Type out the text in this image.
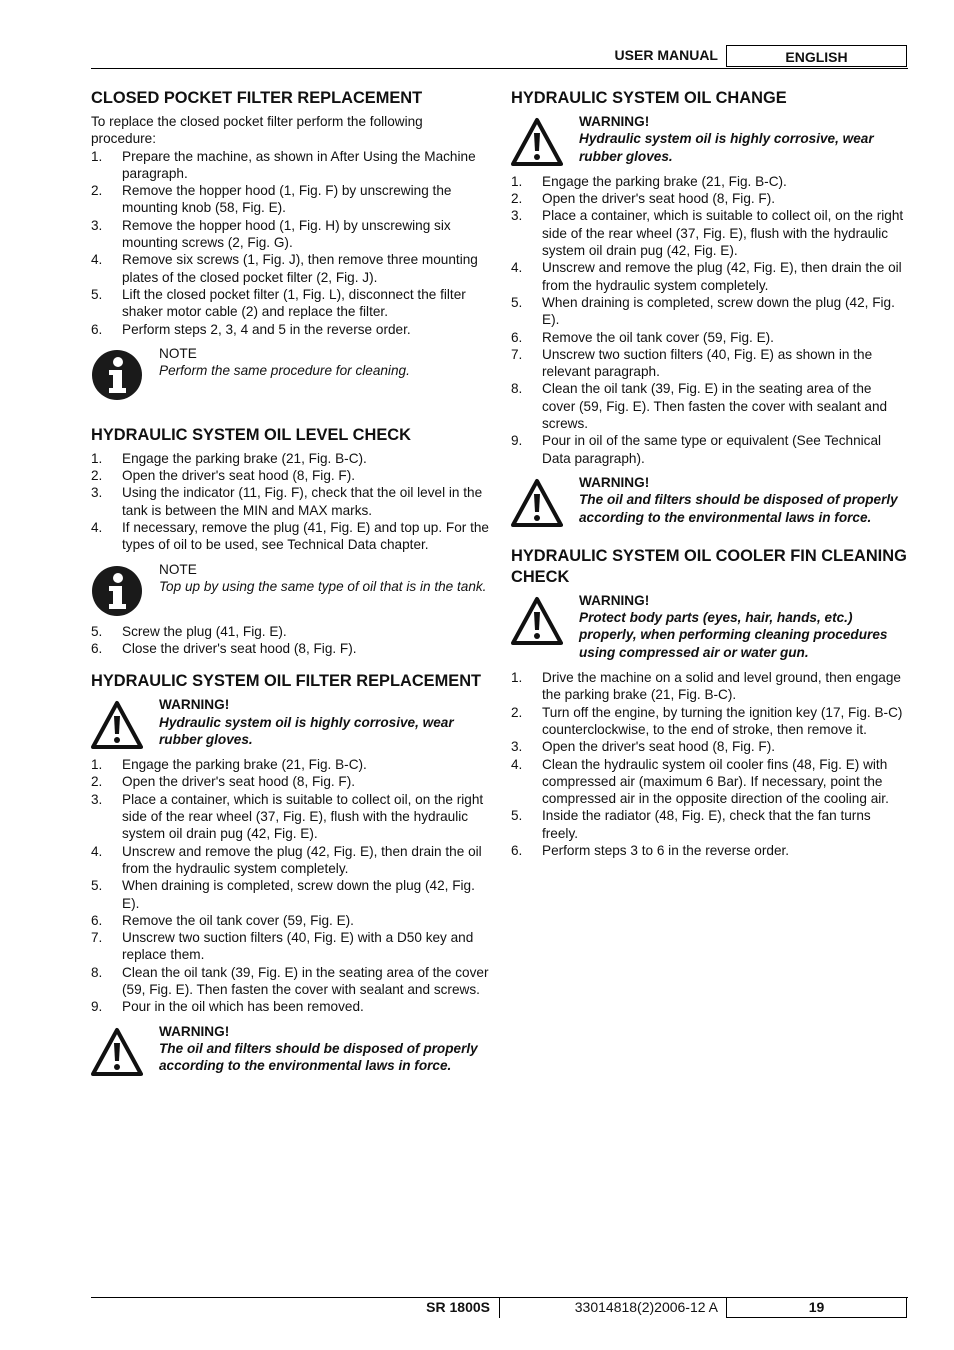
USER MANUAL	ENGLISH
CLOSED POCKET FILTER REPLACEMENT

To replace the closed pocket filter perform the following procedure:

1. Prepare the machine, as shown in After Using the Machine paragraph.
2. Remove the hopper hood (1, Fig. F) by unscrewing the mounting knob (58, Fig. E).
3. Remove the hopper hood (1, Fig. H) by unscrewing six mounting screws (2, Fig. G).
4. Remove six screws (1, Fig. J), then remove three mounting plates of the closed pocket filter (2, Fig. J).
5. Lift the closed pocket filter (1, Fig. L), disconnect the filter shaker motor cable (2) and replace the filter.
6. Perform steps 2, 3, 4 and 5 in the reverse order.
NOTE
Perform the same procedure for cleaning.
HYDRAULIC SYSTEM OIL LEVEL CHECK
1. Engage the parking brake (21, Fig. B-C).
2. Open the driver's seat hood (8, Fig. F).
3. Using the indicator (11, Fig. F), check that the oil level in the tank is between the MIN and MAX marks.
4. If necessary, remove the plug (41, Fig. E) and top up. For the types of oil to be used, see Technical Data chapter.
NOTE
Top up by using the same type of oil that is in the tank.
5. Screw the plug (41, Fig. E).
6. Close the driver's seat hood (8, Fig. F).
HYDRAULIC SYSTEM OIL FILTER REPLACEMENT
WARNING!
Hydraulic system oil is highly corrosive, wear rubber gloves.
1. Engage the parking brake (21, Fig. B-C).
2. Open the driver's seat hood (8, Fig. F).
3. Place a container, which is suitable to collect oil, on the right side of the rear wheel (37, Fig. E), flush with the hydraulic system oil drain pug (42, Fig. E).
4. Unscrew and remove the plug (42, Fig. E), then drain the oil from the hydraulic system completely.
5. When draining is completed, screw down the plug (42, Fig. E).
6. Remove the oil tank cover (59, Fig. E).
7. Unscrew two suction filters (40, Fig. E) with a D50 key and replace them.
8. Clean the oil tank (39, Fig. E) in the seating area of the cover (59, Fig. E). Then fasten the cover with sealant and screws.
9. Pour in the oil which has been removed.
WARNING!
The oil and filters should be disposed of properly according to the environmental laws in force.
HYDRAULIC SYSTEM OIL CHANGE
WARNING!
Hydraulic system oil is highly corrosive, wear rubber gloves.
1. Engage the parking brake (21, Fig. B-C).
2. Open the driver's seat hood (8, Fig. F).
3. Place a container, which is suitable to collect oil, on the right side of the rear wheel (37, Fig. E), flush with the hydraulic system oil drain pug (42, Fig. E).
4. Unscrew and remove the plug (42, Fig. E), then drain the oil from the hydraulic system completely.
5. When draining is completed, screw down the plug (42, Fig. E).
6. Remove the oil tank cover (59, Fig. E).
7. Unscrew two suction filters (40, Fig. E) as shown in the relevant paragraph.
8. Clean the oil tank (39, Fig. E) in the seating area of the cover (59, Fig. E). Then fasten the cover with sealant and screws.
9. Pour in oil of the same type or equivalent (See Technical Data paragraph).
WARNING!
The oil and filters should be disposed of properly according to the environmental laws in force.
HYDRAULIC SYSTEM OIL COOLER FIN CLEANING CHECK
WARNING!
Protect body parts (eyes, hair, hands, etc.) properly, when performing cleaning procedures using compressed air or water gun.
1. Drive the machine on a solid and level ground, then engage the parking brake (21, Fig. B-C).
2. Turn off the engine, by turning the ignition key (17, Fig. B-C) counterclockwise, to the end of stroke, then remove it.
3. Open the driver's seat hood (8, Fig. F).
4. Clean the hydraulic system oil cooler fins (48, Fig. E) with compressed air (maximum 6 Bar). If necessary, point the compressed air in the opposite direction of the cooling air.
5. Inside the radiator (48, Fig. E), check that the fan turns freely.
6. Perform steps 3 to 6 in the reverse order.
SR 1800S	33014818(2)2006-12 A	19
